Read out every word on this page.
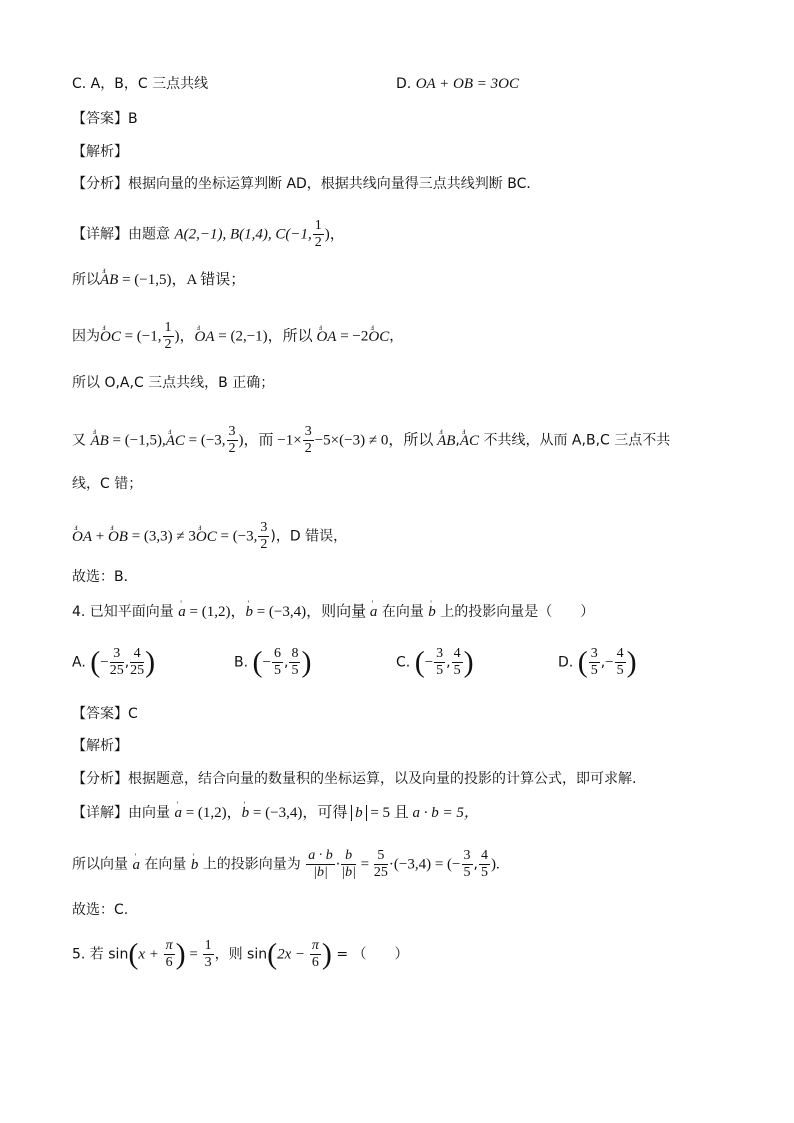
C. A，B，C 三点共线	D. OA + OB = 3OC
【答案】B
【解析】
【分析】根据向量的坐标运算判断 AD，根据共线向量得三点共线判断 BC．
【详解】由题意 A(2,−1), B(1,4), C(−1, $\frac{1}{2}$ )，
所以ⅎ AB = (−1,5)，A 错误；
因为ⅎ OC = (−1, $\frac{1}{2}$ )，ⅎ OA = (2,−1)，所以 ⅎ OA = −2ⅎ OC，
所以 O,A,C 三点共线，B 正确；
又 ⅎ AB = (−1,5),ⅎ AC = (−3, $\frac{3}{2}$ )，而 $-1\times \frac{3}{2} -5\times(-3) \ne 0$，所以 ⅎ AB,ⅎ AC 不共线，从而 A,B,C 三点不共
线，C 错；
ⅎ OA + ⅎ OB = (3,3) ≠ 3ⅎ OC = (−3, $\frac{3}{2}$ )，D 错误，
故选：B．
4. 已知平面向量 ' a = (1,2)，' b = (−3,4)，则向量 ' a 在向量 ' b 上的投影向量是（　　）
A. (− $\frac{3}{25}$ , $\frac{4}{25}$ )	B. (− $\frac{6}{5}$ , $\frac{8}{5}$ )	C. (− $\frac{3}{5}$ , $\frac{4}{5}$ )	D. ( $\frac{3}{5}$ ,− $\frac{4}{5}$ )
【答案】C
【解析】
【分析】根据题意，结合向量的数量积的坐标运算，以及向量的投影的计算公式，即可求解.
【详解】由向量 ' a = (1,2)，' b = (−3,4)，可得 b = 5 且 a · b = 5，
所以向量 ' a 在向量 ' b 上的投影向量为 $\frac{a \cdot b}{|b|} \cdot \frac{b}{|b|} = \frac{5}{25} \cdot(-3,4)$ = (− $\frac{3}{5}$ , $\frac{4}{5}$ ).
故选：C.
5. 若 $\sin(x + \frac{\pi}{6}$ ) = $\frac{1}{3}$ ，则 $\sin(2x - \frac{\pi}{6}$ ) = （　　）
